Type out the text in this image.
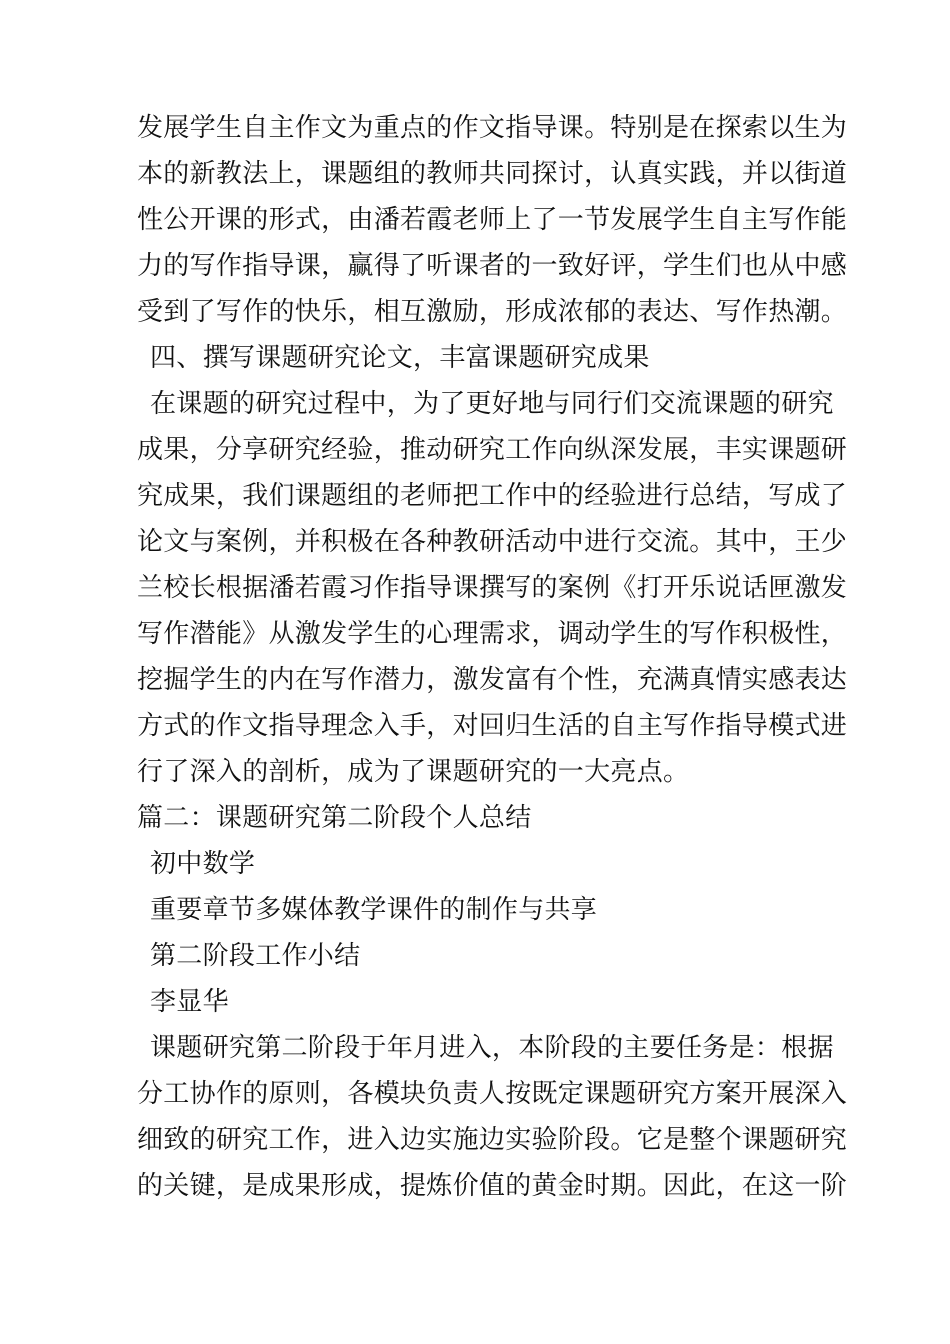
发展学生自主作文为重点的作文指导课。特别是在探索以生为
本的新教法上，课题组的教师共同探讨，认真实践，并以街道
性公开课的形式，由潘若霞老师上了一节发展学生自主写作能
力的写作指导课，赢得了听课者的一致好评，学生们也从中感
受到了写作的快乐，相互激励，形成浓郁的表达、写作热潮。
四、撰写课题研究论文，丰富课题研究成果
在课题的研究过程中，为了更好地与同行们交流课题的研究
成果，分享研究经验，推动研究工作向纵深发展，丰实课题研
究成果，我们课题组的老师把工作中的经验进行总结，写成了
论文与案例，并积极在各种教研活动中进行交流。其中，王少
兰校长根据潘若霞习作指导课撰写的案例《打开乐说话匣激发
写作潜能》从激发学生的心理需求，调动学生的写作积极性，
挖掘学生的内在写作潜力，激发富有个性，充满真情实感表达
方式的作文指导理念入手，对回归生活的自主写作指导模式进
行了深入的剖析，成为了课题研究的一大亮点。
篇二：课题研究第二阶段个人总结
初中数学
重要章节多媒体教学课件的制作与共享
第二阶段工作小结
李显华
课题研究第二阶段于年月进入，本阶段的主要任务是：根据
分工协作的原则，各模块负责人按既定课题研究方案开展深入
细致的研究工作，进入边实施边实验阶段。它是整个课题研究
的关键，是成果形成，提炼价值的黄金时期。因此，在这一阶
